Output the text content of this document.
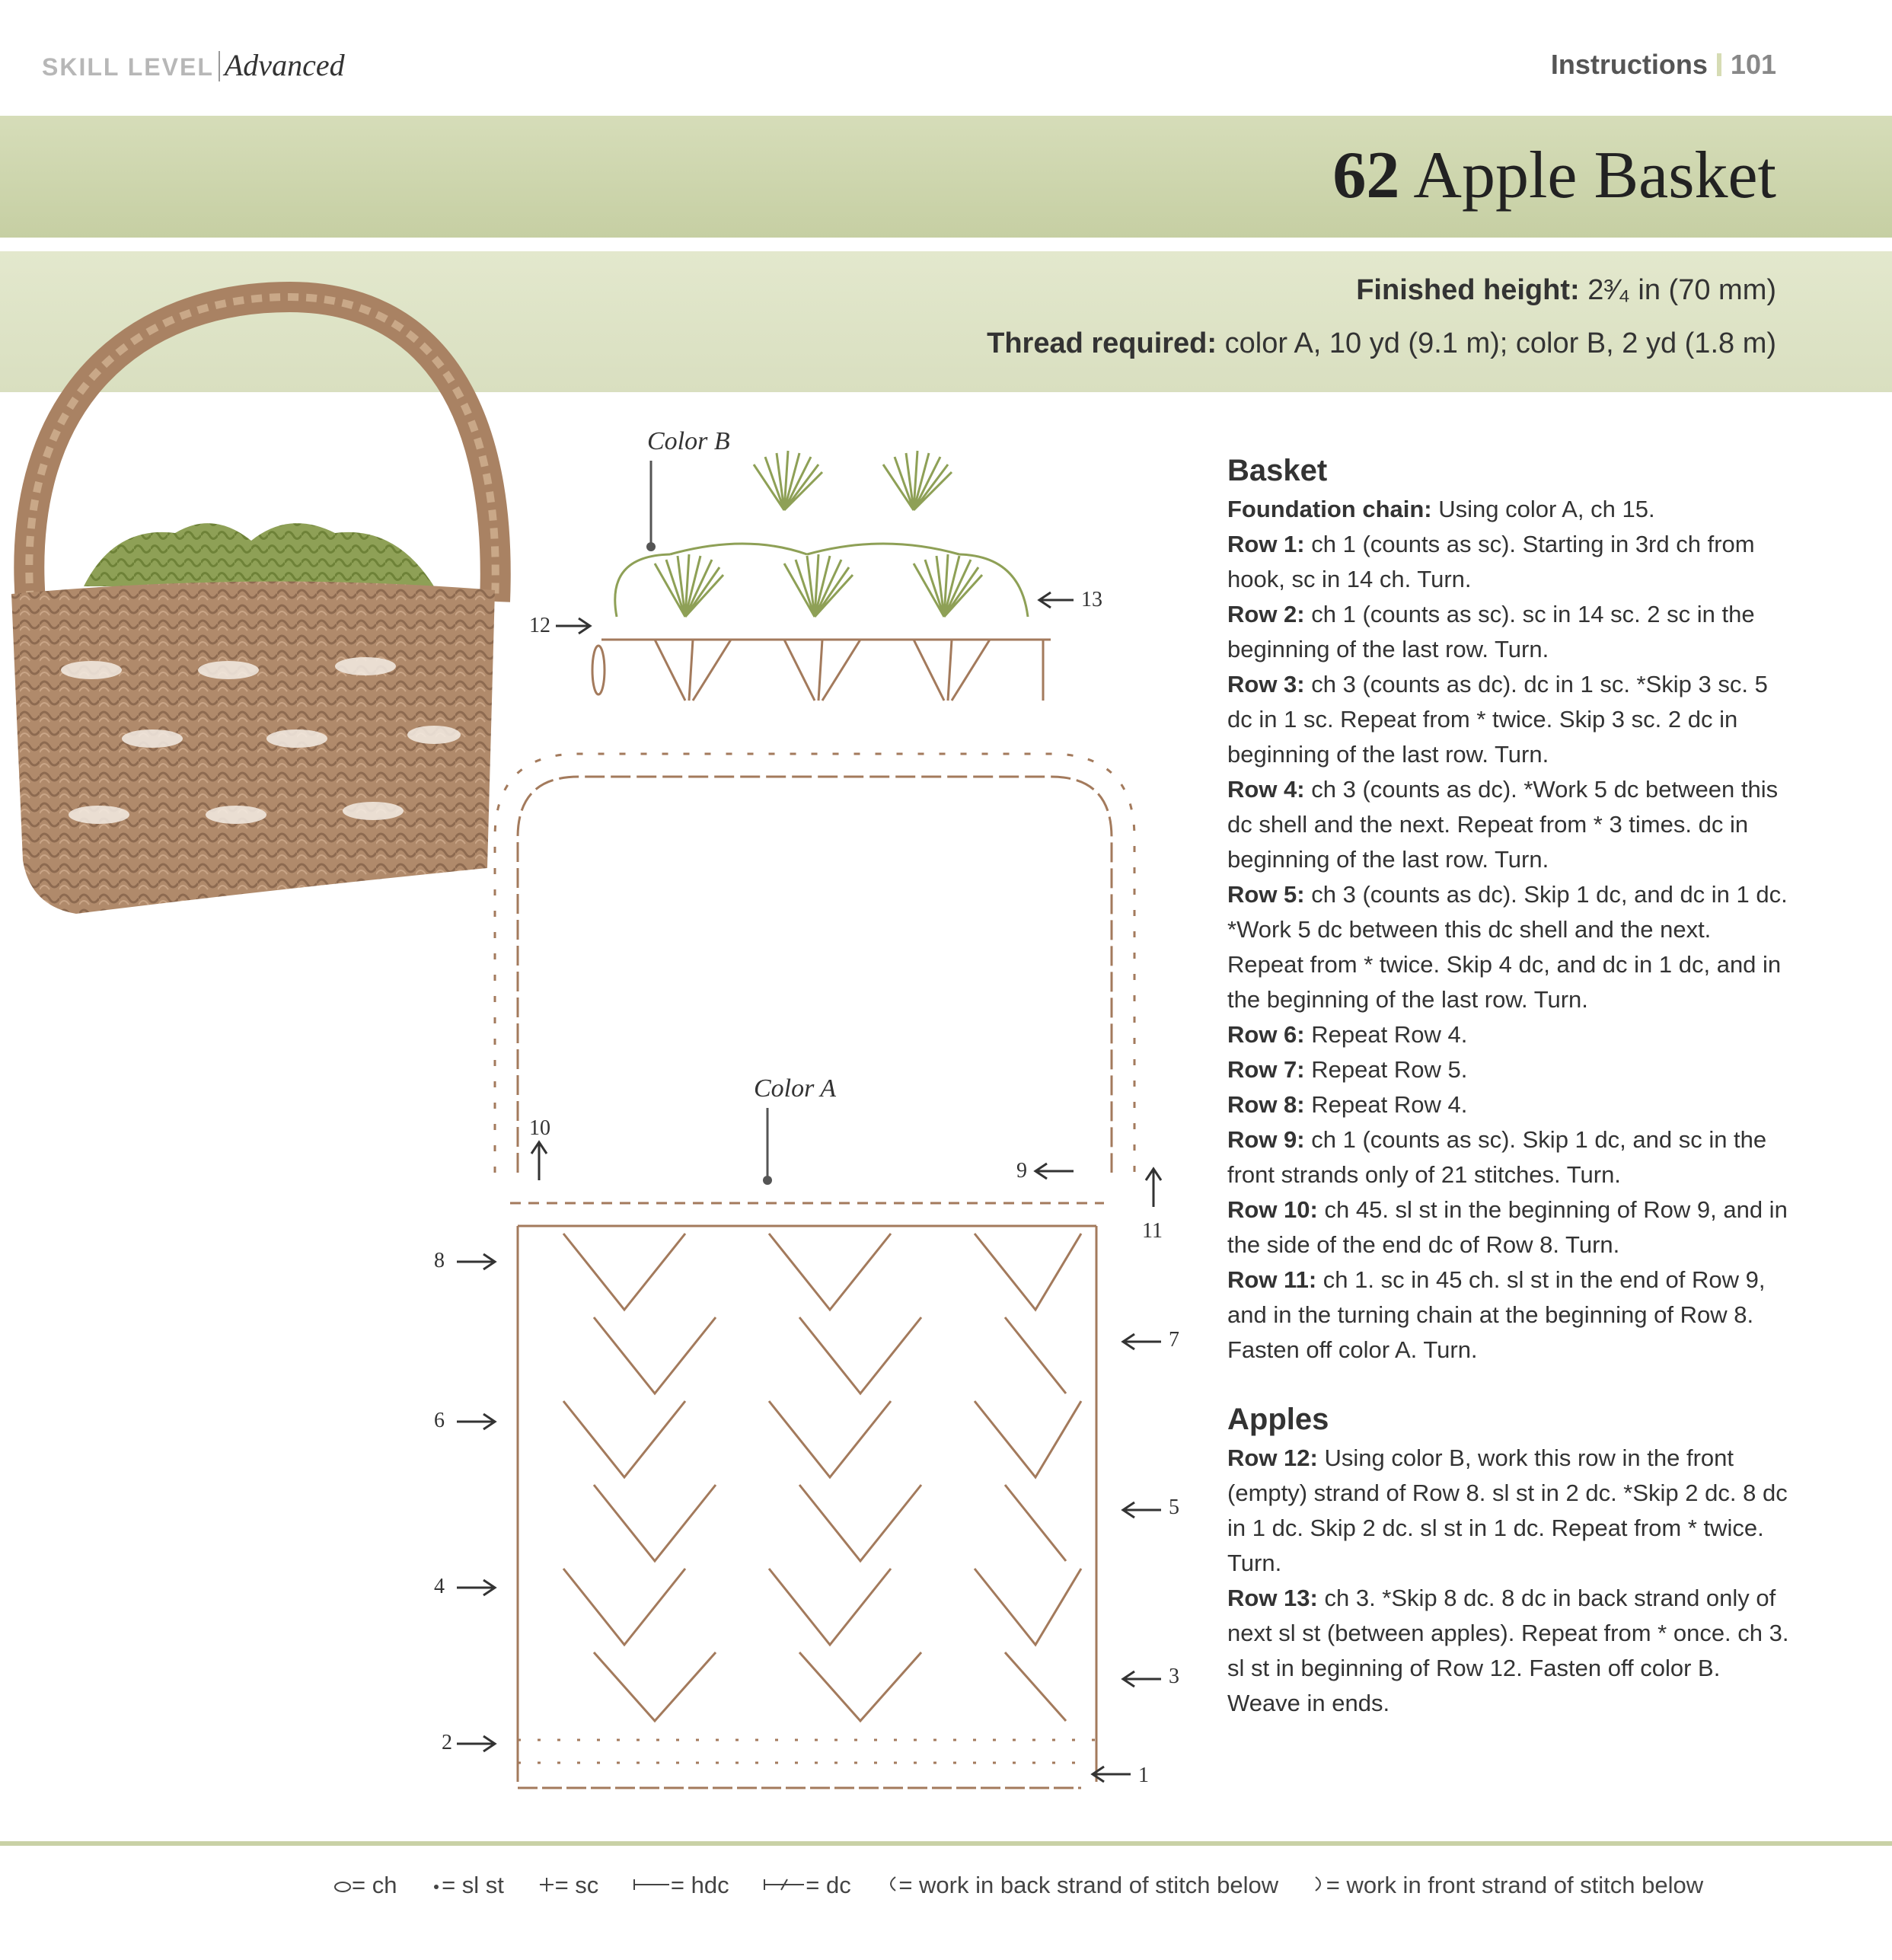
SKILL LEVEL Advanced	Instructions 101
62 Apple Basket
Finished height: 2³⁄₄ in (70 mm)
Thread required: color A, 10 yd (9.1 m); color B, 2 yd (1.8 m)
Color B
12
13
Color A
1
2
3
4
5
6
7
8
9
10
11
Basket
Foundation chain: Using color A, ch 15.
Row 1: ch 1 (counts as sc). Starting in 3rd ch from hook, sc in 14 ch. Turn.
Row 2: ch 1 (counts as sc). sc in 14 sc. 2 sc in the beginning of the last row. Turn.
Row 3: ch 3 (counts as dc). dc in 1 sc. *Skip 3 sc. 5 dc in 1 sc. Repeat from * twice. Skip 3 sc. 2 dc in beginning of the last row. Turn.
Row 4: ch 3 (counts as dc). *Work 5 dc between this dc shell and the next. Repeat from * 3 times. dc in beginning of the last row. Turn.
Row 5: ch 3 (counts as dc). Skip 1 dc, and dc in 1 dc. *Work 5 dc between this dc shell and the next. Repeat from * twice. Skip 4 dc, and dc in 1 dc, and in the beginning of the last row. Turn.
Row 6: Repeat Row 4.
Row 7: Repeat Row 5.
Row 8: Repeat Row 4.
Row 9: ch 1 (counts as sc). Skip 1 dc, and sc in the front strands only of 21 stitches. Turn.
Row 10: ch 45. sl st in the beginning of Row 9, and in the side of the end dc of Row 8. Turn.
Row 11: ch 1. sc in 45 ch. sl st in the end of Row 9, and in the turning chain at the beginning of Row 8. Fasten off color A. Turn.
Apples
Row 12: Using color B, work this row in the front (empty) strand of Row 8. sl st in 2 dc. *Skip 2 dc. 8 dc in 1 dc. Skip 2 dc. sl st in 1 dc. Repeat from * twice. Turn.
Row 13: ch 3. *Skip 8 dc. 8 dc in back strand only of next sl st (between apples). Repeat from * once. ch 3. sl st in beginning of Row 12. Fasten off color B. Weave in ends.
= ch = sl st = sc	= hdc	= dc = work in back strand of stitch below = work in front strand of stitch below
